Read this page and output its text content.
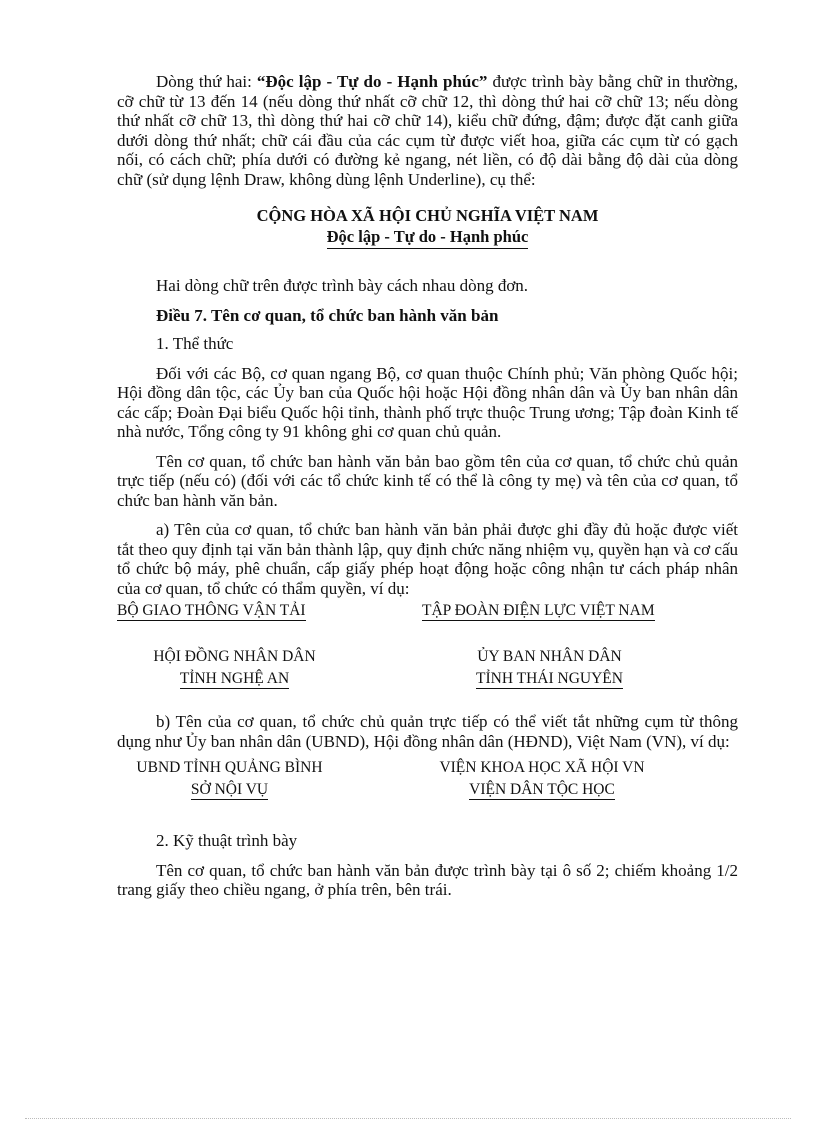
Dòng thứ hai: “Độc lập - Tự do - Hạnh phúc” được trình bày bằng chữ in thường, cỡ chữ từ 13 đến 14 (nếu dòng thứ nhất cỡ chữ 12, thì dòng thứ hai cỡ chữ 13; nếu dòng thứ nhất cỡ chữ 13, thì dòng thứ hai cỡ chữ 14), kiểu chữ đứng, đậm; được đặt canh giữa dưới dòng thứ nhất; chữ cái đầu của các cụm từ được viết hoa, giữa các cụm từ có gạch nối, có cách chữ; phía dưới có đường kẻ ngang, nét liền, có độ dài bằng độ dài của dòng chữ (sử dụng lệnh Draw, không dùng lệnh Underline), cụ thể:

CỘNG HÒA XÃ HỘI CHỦ NGHĨA VIỆT NAM
Độc lập - Tự do - Hạnh phúc

Hai dòng chữ trên được trình bày cách nhau dòng đơn.

Điều 7. Tên cơ quan, tổ chức ban hành văn bản

1. Thể thức

Đối với các Bộ, cơ quan ngang Bộ, cơ quan thuộc Chính phủ; Văn phòng Quốc hội; Hội đồng dân tộc, các Ủy ban của Quốc hội hoặc Hội đồng nhân dân và Ủy ban nhân dân các cấp; Đoàn Đại biểu Quốc hội tỉnh, thành phố trực thuộc Trung ương; Tập đoàn Kinh tế nhà nước, Tổng công ty 91 không ghi cơ quan chủ quản.

Tên cơ quan, tổ chức ban hành văn bản bao gồm tên của cơ quan, tổ chức chủ quản trực tiếp (nếu có) (đối với các tổ chức kinh tế có thể là công ty mẹ) và tên của cơ quan, tổ chức ban hành văn bản.

a) Tên của cơ quan, tổ chức ban hành văn bản phải được ghi đầy đủ hoặc được viết tắt theo quy định tại văn bản thành lập, quy định chức năng nhiệm vụ, quyền hạn và cơ cấu tổ chức bộ máy, phê chuẩn, cấp giấy phép hoạt động hoặc công nhận tư cách pháp nhân của cơ quan, tổ chức có thẩm quyền, ví dụ:

BỘ GIAO THÔNG VẬN TẢI	TẬP ĐOÀN ĐIỆN LỰC VIỆT NAM
HỘI ĐỒNG NHÂN DÂN
TỈNH NGHỆ AN
ỦY BAN NHÂN DÂN
TỈNH THÁI NGUYÊN

b) Tên của cơ quan, tổ chức chủ quản trực tiếp có thể viết tắt những cụm từ thông dụng như Ủy ban nhân dân (UBND), Hội đồng nhân dân (HĐND), Việt Nam (VN), ví dụ:

UBND TỈNH QUẢNG BÌNH
SỞ NỘI VỤ
VIỆN KHOA HỌC XÃ HỘI VN
VIỆN DÂN TỘC HỌC

2. Kỹ thuật trình bày

Tên cơ quan, tổ chức ban hành văn bản được trình bày tại ô số 2; chiếm khoảng 1/2 trang giấy theo chiều ngang, ở phía trên, bên trái.
